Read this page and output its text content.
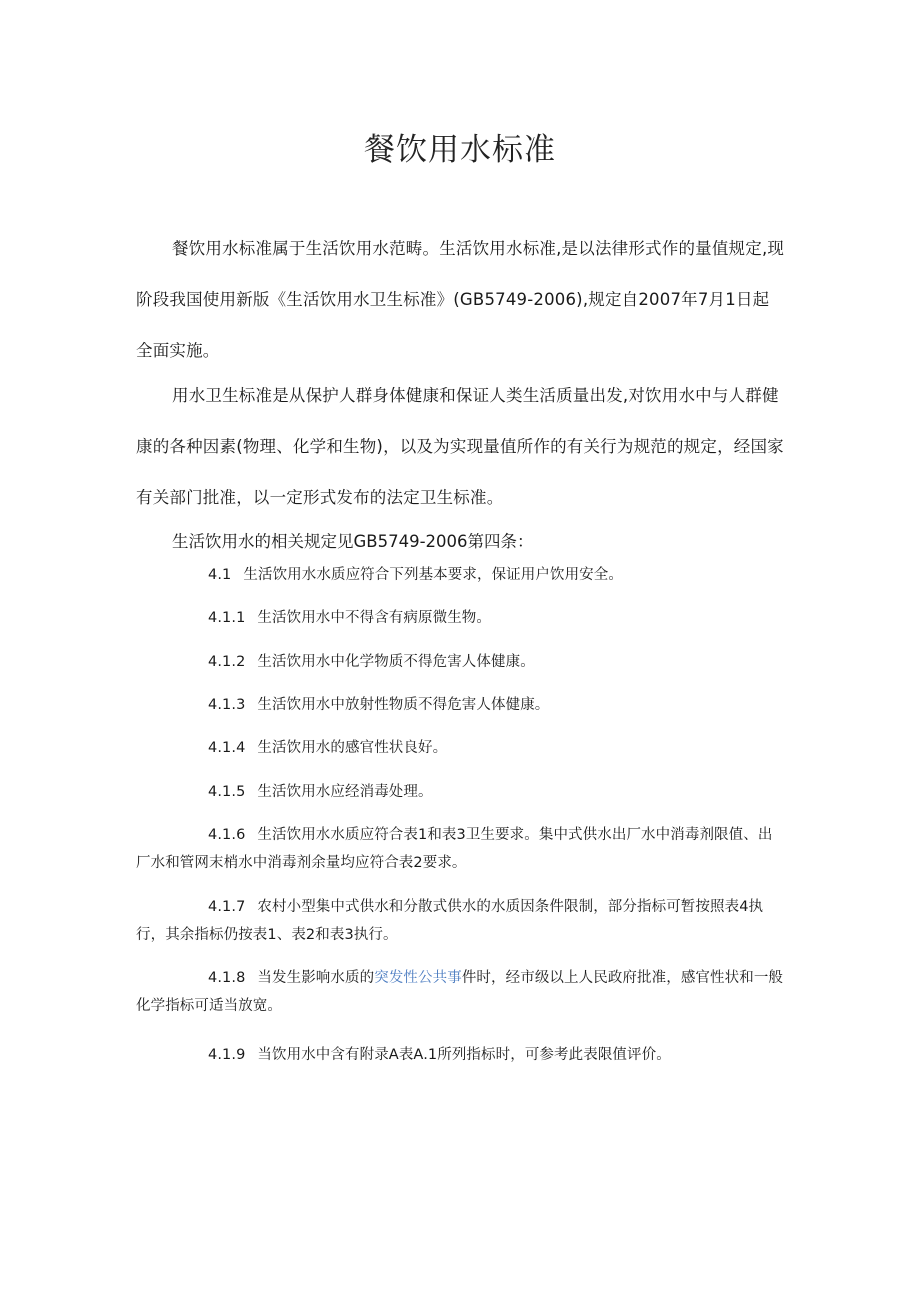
餐饮用水标准

餐饮用水标准属于生活饮用水范畴。生活饮用水标准,是以法律形式作的量值规定,现阶段我国使用新版《生活饮用水卫生标准》(GB5749-2006),规定自2007年7月1日起全面实施。

用水卫生标准是从保护人群身体健康和保证人类生活质量出发,对饮用水中与人群健康的各种因素(物理、化学和生物)，以及为实现量值所作的有关行为规范的规定，经国家有关部门批准，以一定形式发布的法定卫生标准。

生活饮用水的相关规定见GB5749-2006第四条：

4.1 生活饮用水水质应符合下列基本要求，保证用户饮用安全。

4.1.1 生活饮用水中不得含有病原微生物。

4.1.2 生活饮用水中化学物质不得危害人体健康。

4.1.3 生活饮用水中放射性物质不得危害人体健康。

4.1.4 生活饮用水的感官性状良好。

4.1.5 生活饮用水应经消毒处理。

4.1.6 生活饮用水水质应符合表1和表3卫生要求。集中式供水出厂水中消毒剂限值、出厂水和管网末梢水中消毒剂余量均应符合表2要求。

4.1.7 农村小型集中式供水和分散式供水的水质因条件限制，部分指标可暂按照表4执行，其余指标仍按表1、表2和表3执行。

4.1.8 当发生影响水质的突发性公共事件时，经市级以上人民政府批准，感官性状和一般化学指标可适当放宽。

4.1.9 当饮用水中含有附录A表A.1所列指标时，可参考此表限值评价。
